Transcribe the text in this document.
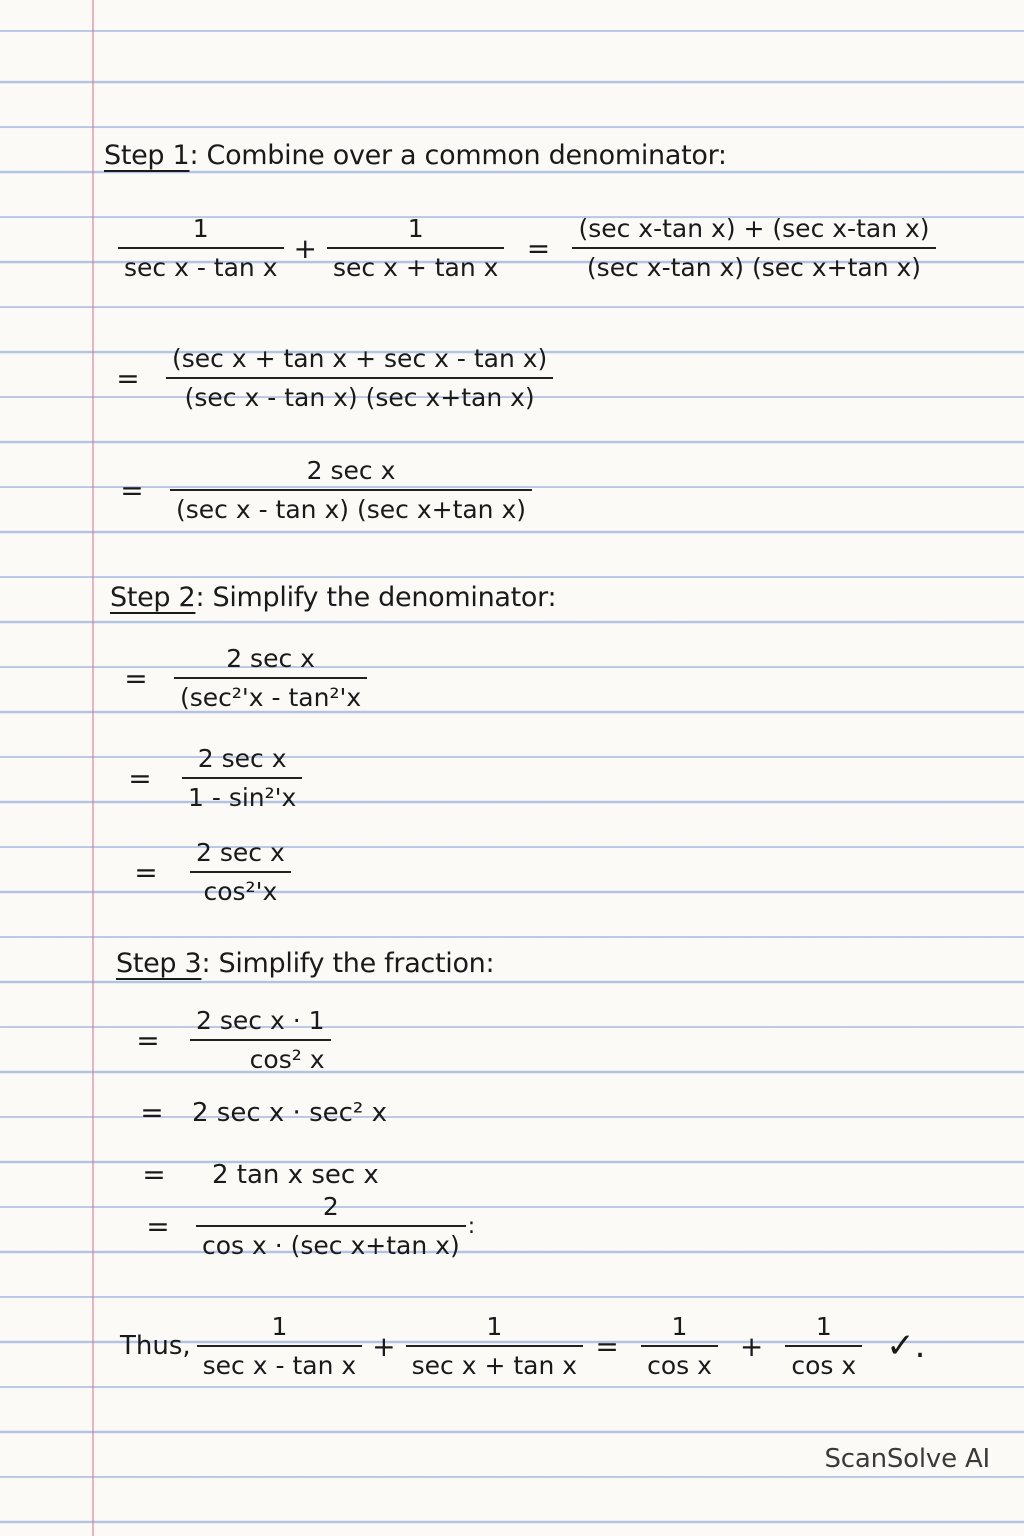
Step 1: Combine over a common denominator:
$\frac{1}{\text{sec x - tan x}} + \frac{1}{\text{sec x + tan x}} = \frac{\text{(sec x-tan x) + (sec x-tan x)}}{\text{(sec x-tan x) (sec x+tan x)}}$
=	$\frac{\text{(sec x + tan x + sec x - tan x)}}{\text{(sec x - tan x) (sec x+tan x)}}$
=	$\frac{\text{2 sec x}}{\text{(sec x - tan x) (sec x+tan x)}}$
Step 2: Simplify the denominator:
=	$\frac{\text{2 sec x}}{\text{(sec²'x - tan²'x}}$
=	$\frac{\text{2 sec x}}{\text{1 - sin²'x}}$
=	$\frac{\text{2 sec x}}{\text{cos²'x}}$
Step 3: Simplify the fraction:
=	$\frac{\text{2 sec x · 1}}{\text{cos² x}}$
=	2 sec x · sec² x
=	2 tan x sec x
=	$\frac{2}{\text{cos x · (sec x+tan x)}}$ :
Thus, $\frac{1}{\text{sec x - tan x}} + \frac{1}{\text{sec x + tan x}} = \frac{1}{\text{cos x}} + \frac{1}{\text{cos x}}$ ✓.
ScanSolve AI
